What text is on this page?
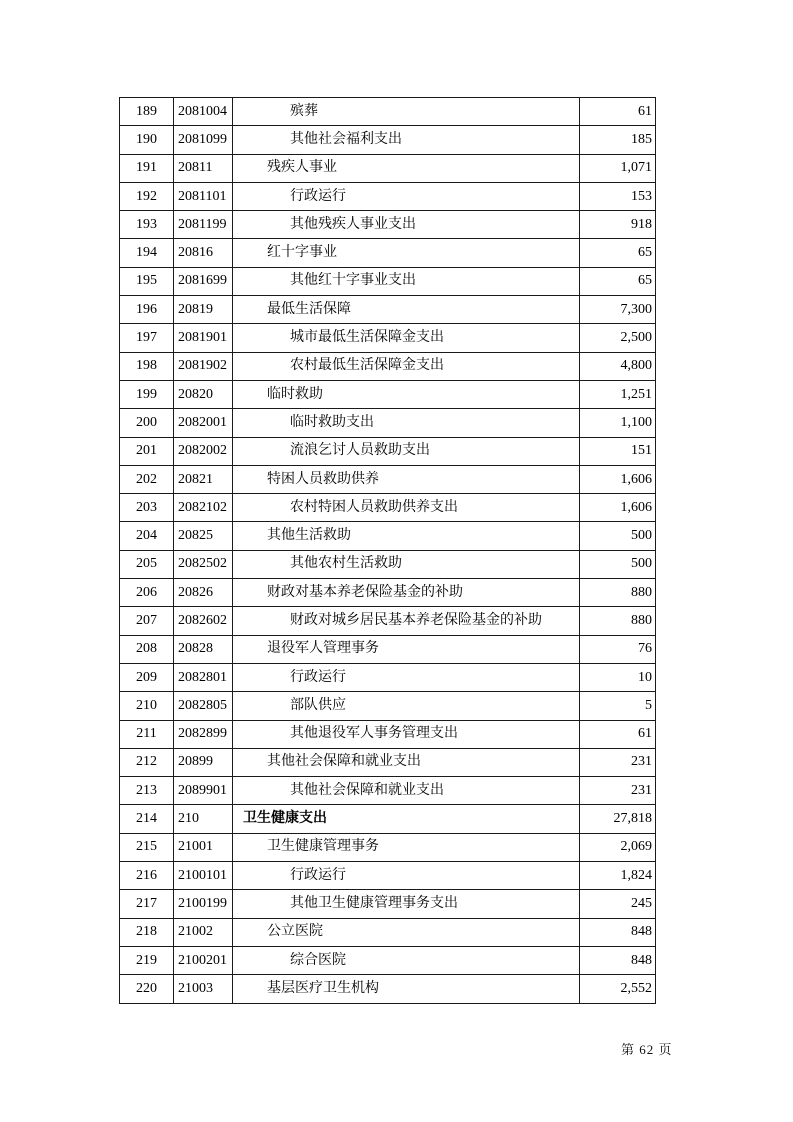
189	2081004	殡葬	61
190	2081099	其他社会福利支出	185
191	20811	残疾人事业	1,071
192	2081101	行政运行	153
193	2081199	其他残疾人事业支出	918
194	20816	红十字事业	65
195	2081699	其他红十字事业支出	65
196	20819	最低生活保障	7,300
197	2081901	城市最低生活保障金支出	2,500
198	2081902	农村最低生活保障金支出	4,800
199	20820	临时救助	1,251
200	2082001	临时救助支出	1,100
201	2082002	流浪乞讨人员救助支出	151
202	20821	特困人员救助供养	1,606
203	2082102	农村特困人员救助供养支出	1,606
204	20825	其他生活救助	500
205	2082502	其他农村生活救助	500
206	20826	财政对基本养老保险基金的补助	880
207	2082602	财政对城乡居民基本养老保险基金的补助	880
208	20828	退役军人管理事务	76
209	2082801	行政运行	10
210	2082805	部队供应	5
211	2082899	其他退役军人事务管理支出	61
212	20899	其他社会保障和就业支出	231
213	2089901	其他社会保障和就业支出	231
214	210	卫生健康支出	27,818
215	21001	卫生健康管理事务	2,069
216	2100101	行政运行	1,824
217	2100199	其他卫生健康管理事务支出	245
218	21002	公立医院	848
219	2100201	综合医院	848
220	21003	基层医疗卫生机构	2,552
第 62 页
